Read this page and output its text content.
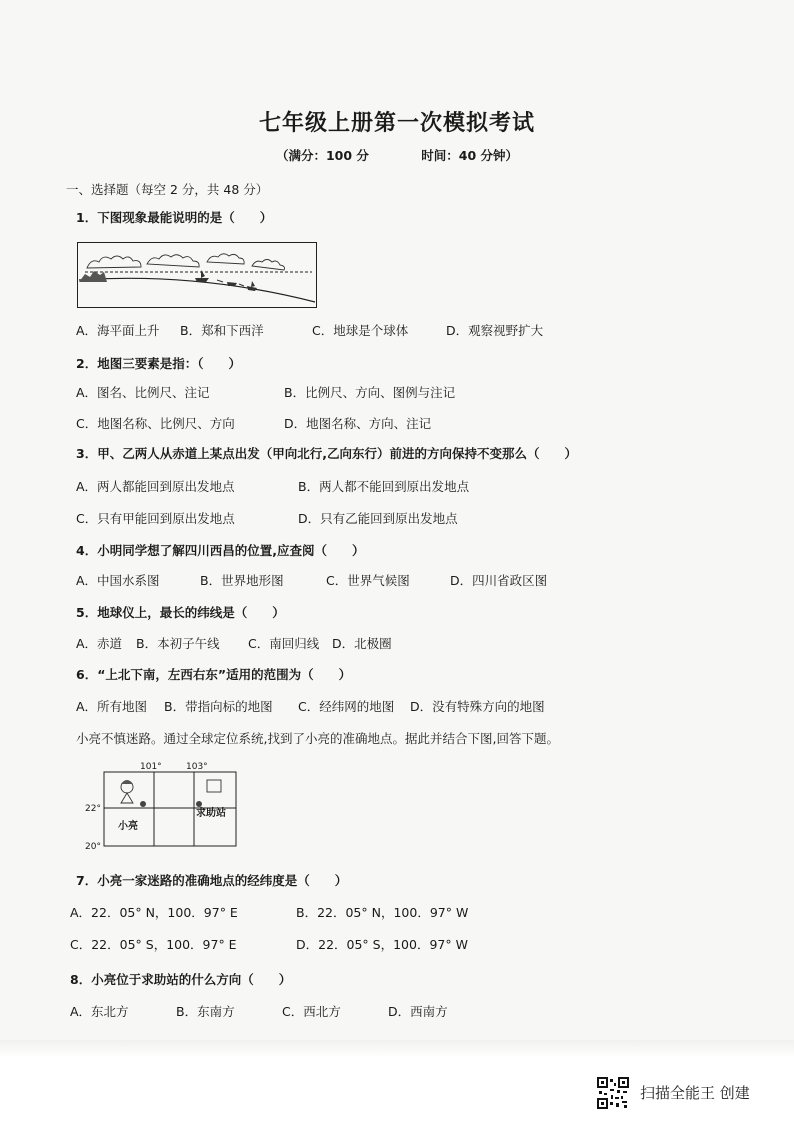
七年级上册第一次模拟考试
（满分：100 分	时间：40 分钟）
一、选择题（每空 2 分，共 48 分）
1．下图现象最能说明的是（　　）
A．海平面上升 B．郑和下西洋	C．地球是个球体	D．观察视野扩大
2．地图三要素是指：（　　）
A．图名、比例尺、注记	B．比例尺、方向、图例与注记
C．地图名称、比例尺、方向	D．地图名称、方向、注记
3．甲、乙两人从赤道上某点出发（甲向北行,乙向东行）前进的方向保持不变那么（　　）
A．两人都能回到原出发地点	B．两人都不能回到原出发地点
C．只有甲能回到原出发地点	D．只有乙能回到原出发地点
4．小明同学想了解四川西昌的位置,应查阅（　　）
A．中国水系图	B．世界地形图	C．世界气候图	D．四川省政区图
5．地球仪上，最长的纬线是（　　）
A．赤道 B．本初子午线 C．南回归线 D．北极圈
6．“上北下南，左西右东”适用的范围为（　　）
A．所有地图 B．带指向标的地图 C．经纬网的地图 D．没有特殊方向的地图
小亮不慎迷路。通过全球定位系统,找到了小亮的准确地点。据此并结合下图,回答下题。
101°	103°
22°
20°
小亮
求助站
7．小亮一家迷路的准确地点的经纬度是（　　）
A．22．05° N，100．97° E	B．22．05° N，100．97° W
C．22．05° S，100．97° E	D．22．05° S，100．97° W
8．小亮位于求助站的什么方向（　　）
A．东北方	B．东南方	C．西北方	D．西南方
扫描全能王 创建
